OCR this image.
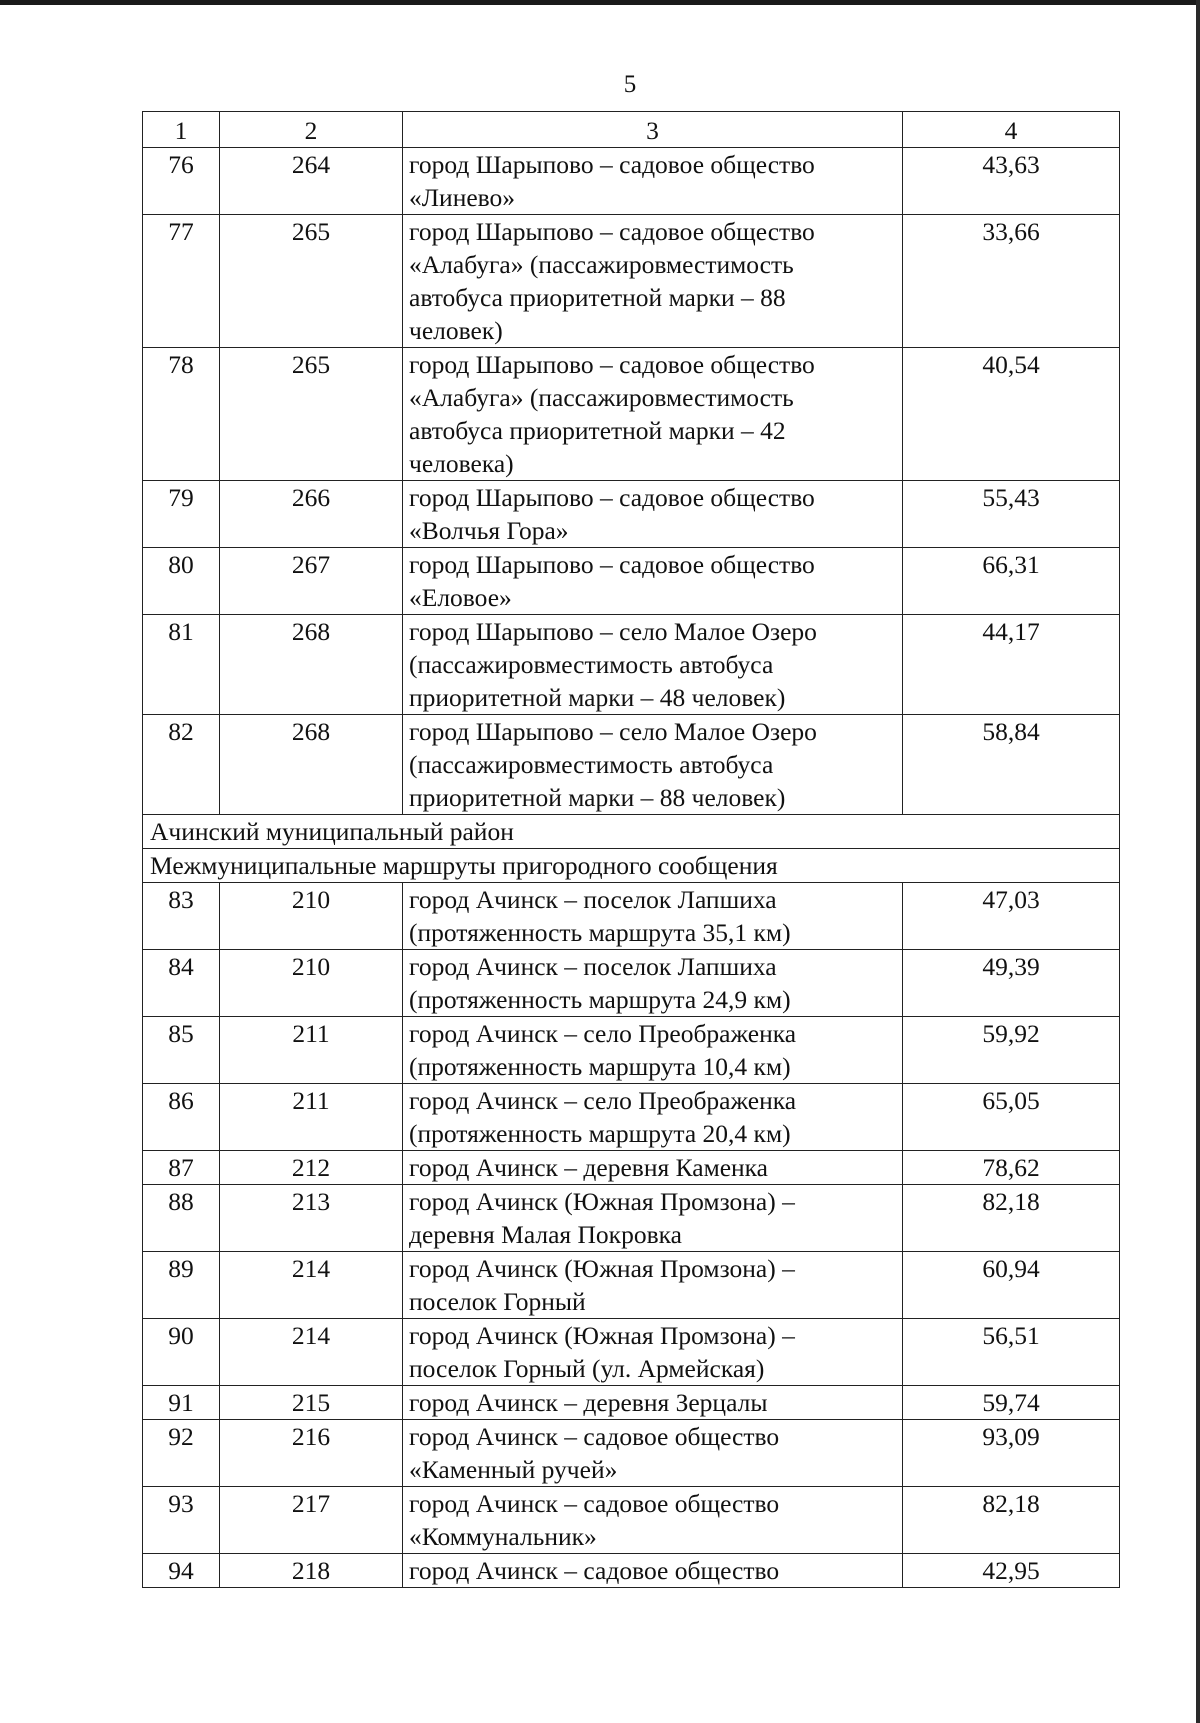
5
1	2	3	4
76	264	город Шарыпово – садовое общество
«Линево»	43,63
77	265	город Шарыпово – садовое общество
«Алабуга» (пассажировместимость
автобуса приоритетной марки – 88
человек)	33,66
78	265	город Шарыпово – садовое общество
«Алабуга» (пассажировместимость
автобуса приоритетной марки – 42
человека)	40,54
79	266	город Шарыпово – садовое общество
«Волчья Гора»	55,43
80	267	город Шарыпово – садовое общество
«Еловое»	66,31
81	268	город Шарыпово – село Малое Озеро
(пассажировместимость автобуса
приоритетной марки – 48 человек)	44,17
82	268	город Шарыпово – село Малое Озеро
(пассажировместимость автобуса
приоритетной марки – 88 человек)	58,84
Ачинский муниципальный район			
Межмуниципальные маршруты пригородного сообщения			
83	210	город Ачинск – поселок Лапшиха
(протяженность маршрута 35,1 км)	47,03
84	210	город Ачинск – поселок Лапшиха
(протяженность маршрута 24,9 км)	49,39
85	211	город Ачинск – село Преображенка
(протяженность маршрута 10,4 км)	59,92
86	211	город Ачинск – село Преображенка
(протяженность маршрута 20,4 км)	65,05
87	212	город Ачинск – деревня Каменка	78,62
88	213	город Ачинск (Южная Промзона) –
деревня Малая Покровка	82,18
89	214	город Ачинск (Южная Промзона) –
поселок Горный	60,94
90	214	город Ачинск (Южная Промзона) –
поселок Горный (ул. Армейская)	56,51
91	215	город Ачинск – деревня Зерцалы	59,74
92	216	город Ачинск – садовое общество
«Каменный ручей»	93,09
93	217	город Ачинск – садовое общество
«Коммунальник»	82,18
94	218	город Ачинск – садовое общество	42,95
